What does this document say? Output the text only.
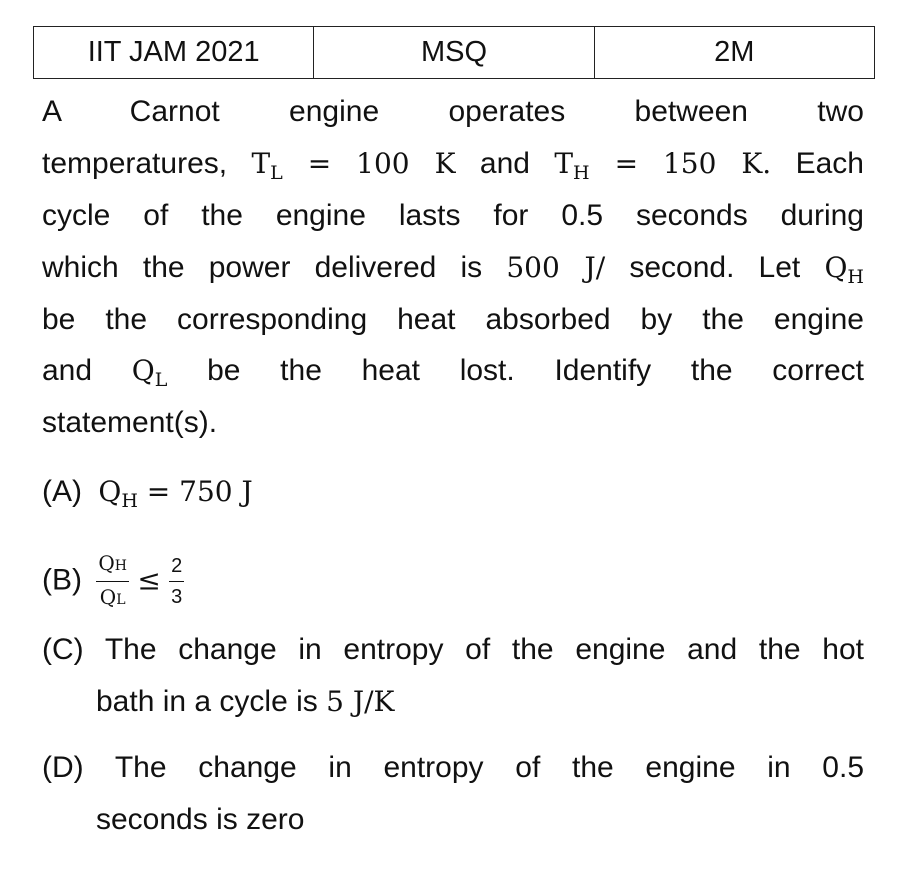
IIT JAM 2021	MSQ	2M
A Carnot engine operates between two
temperatures, $T_L = 100$ K and $T_H = 150$ K. Each
cycle of the engine lasts for 0.5 seconds during
which the power delivered is 500 J/ second. Let $Q_H$
be the corresponding heat absorbed by the engine
and $Q_L$ be the heat lost. Identify the correct
statement(s).
(A) $Q_H = 750$ J
$(B) \frac{QH}{QL} \le \frac{2}{3}$
(C) The change in entropy of the engine and the hot
bath in a cycle is 5 J/K
(D) The change in entropy of the engine in 0.5
seconds is zero
